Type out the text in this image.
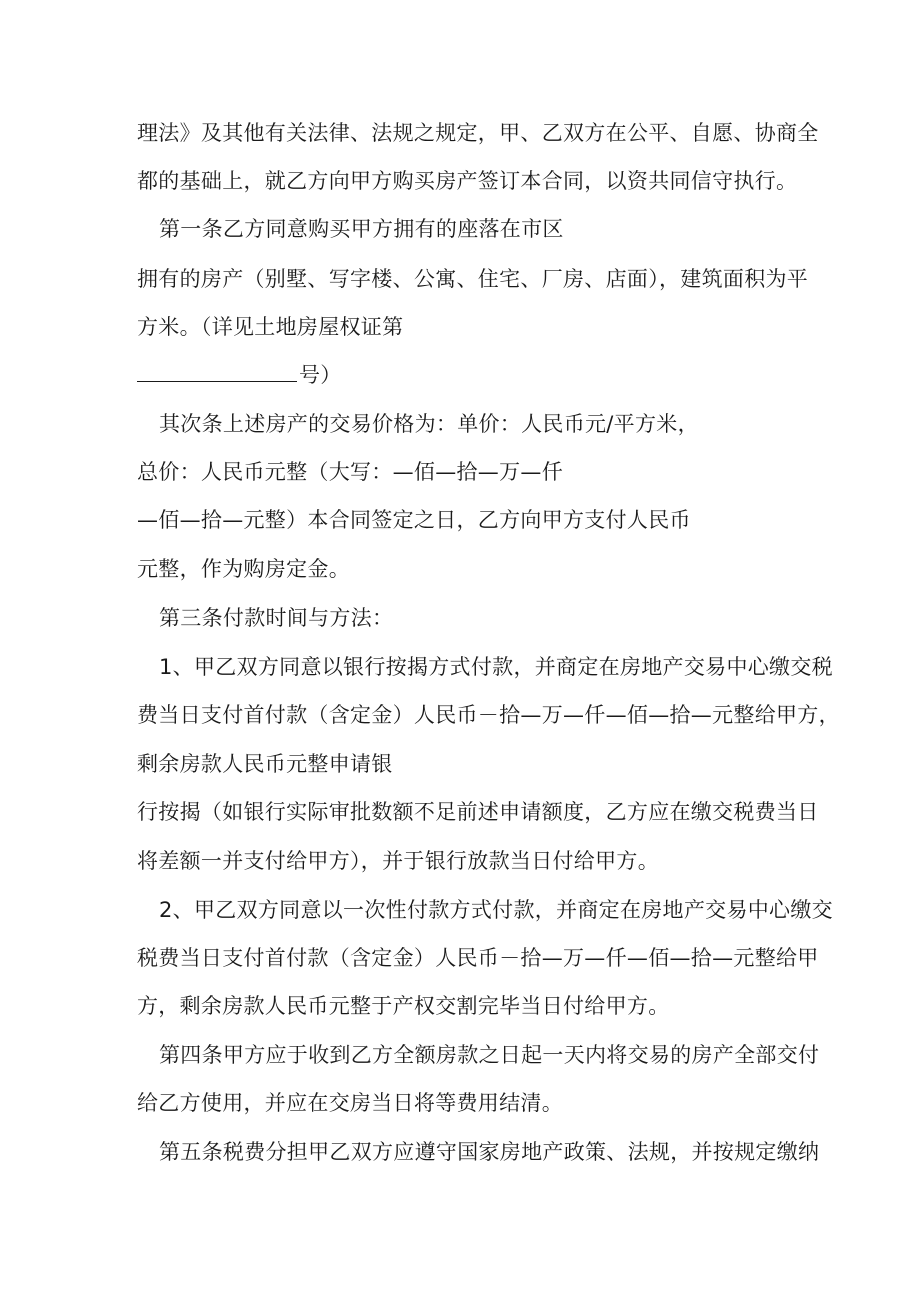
理法》及其他有关法律、法规之规定，甲、乙双方在公平、自愿、协商全

都的基础上，就乙方向甲方购买房产签订本合同，以资共同信守执行。

第一条乙方同意购买甲方拥有的座落在市区

拥有的房产（别墅、写字楼、公寓、住宅、厂房、店面），建筑面积为平

方米。（详见土地房屋权证第

号）

其次条上述房产的交易价格为：单价：人民币元/平方米，

总价：人民币元整（大写：—佰—拾—万—仟

—佰—拾—元整）本合同签定之日，乙方向甲方支付人民币

元整，作为购房定金。

第三条付款时间与方法：

1、甲乙双方同意以银行按揭方式付款，并商定在房地产交易中心缴交税

费当日支付首付款（含定金）人民币－拾—万—仟—佰—拾—元整给甲方，

剩余房款人民币元整申请银

行按揭（如银行实际审批数额不足前述申请额度，乙方应在缴交税费当日

将差额一并支付给甲方），并于银行放款当日付给甲方。

2、甲乙双方同意以一次性付款方式付款，并商定在房地产交易中心缴交

税费当日支付首付款（含定金）人民币－拾—万—仟—佰—拾—元整给甲

方，剩余房款人民币元整于产权交割完毕当日付给甲方。

第四条甲方应于收到乙方全额房款之日起一天内将交易的房产全部交付

给乙方使用，并应在交房当日将等费用结清。

第五条税费分担甲乙双方应遵守国家房地产政策、法规，并按规定缴纳
